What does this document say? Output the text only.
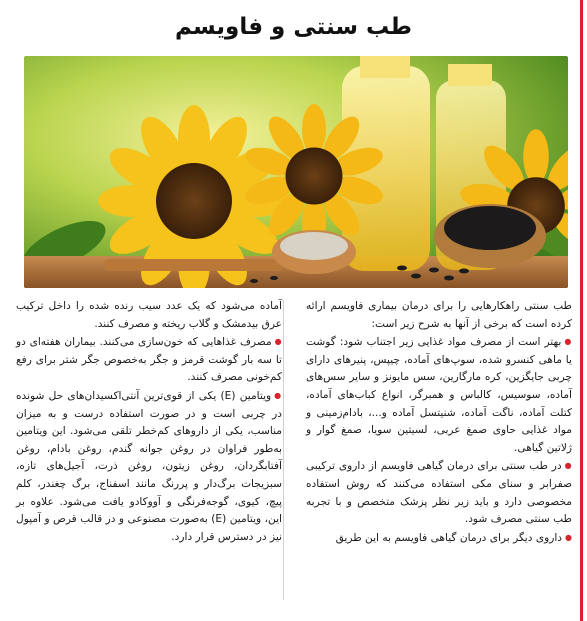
طب سنتی و فاویسم

طب سنتی راهکارهایی را برای درمان بیماری فاویسم ارائه کرده است که برخی از آنها به شرح زیر است:

● بهتر است از مصرف مواد غذایی زیر اجتناب شود: گوشت یا ماهی کنسرو شده، سوپ‌های آماده، چیپس، پنیرهای دارای چربی جایگزین، کره مارگارین، سس مایونز و سایر سس‌های آماده، سوسیس، کالباس و همبرگر، انواع کباب‌های آماده، کتلت آماده، ناگت آماده، شنیتسل آماده و...، بادام‌زمینی و مواد غذایی حاوی صمغ عربی، لسیتین سویا، صمغ گوار و ژلاتین گیاهی.

● در طب سنتی برای درمان گیاهی فاویسم از داروی ترکیبی صفرابر و سنای مکی استفاده می‌کنند که روش استفاده مخصوصی دارد و باید زیر نظر پزشک متخصص و با تجربه طب سنتی مصرف شود.

● داروی دیگر برای درمان گیاهی فاویسم به این طریق

آماده می‌شود که یک عدد سیب رنده شده را داخل ترکیب عرق بیدمشک و گلاب ریخته و مصرف کنند.

● مصرف غذاهایی که خون‌سازی می‌کنند. بیماران هفته‌ای دو تا سه بار گوشت قرمز و جگر به‌خصوص جگر شتر برای رفع کم‌خونی مصرف کنند.

● ویتامین (E) یکی از قوی‌ترین آنتی‌اکسیدان‌های حل شونده در چربی است و در صورت استفاده درست و به میزان مناسب، یکی از داروهای کم‌خطر تلقی می‌شود. این ویتامین به‌طور فراوان در روغن جوانه گندم، روغن بادام، روغن آفتابگردان، روغن زیتون، روغن ذرت، آجیل‌های تازه، سبزیجات برگ‌دار و پررنگ مانند اسفناج، برگ چغندر، کلم پیچ، کیوی، گوجه‌فرنگی و آووکادو یافت می‌شود. علاوه بر این، ویتامین (E) به‌صورت مصنوعی و در قالب قرص و آمپول نیز در دسترس قرار دارد.
